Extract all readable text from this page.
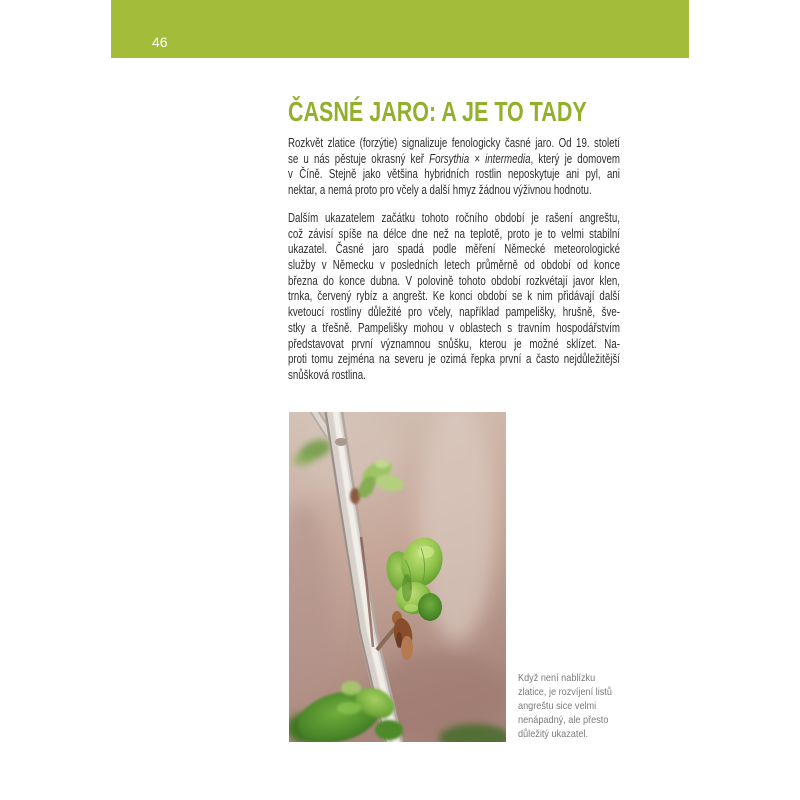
46
ČASNÉ JARO: A JE TO TADY
Rozkvět zlatice (forzýtie) signalizuje fenologicky časné jaro. Od 19. století
se u nás pěstuje okrasný keř Forsythia × intermedia, který je domovem
v Číně. Stejně jako většina hybridních rostlin neposkytuje ani pyl, ani
nektar, a nemá proto pro včely a další hmyz žádnou výživnou hodnotu.
Dalším ukazatelem začátku tohoto ročního období je rašení angreštu,
což závisí spíše na délce dne než na teplotě, proto je to velmi stabilní
ukazatel. Časné jaro spadá podle měření Německé meteorologické
služby v Německu v posledních letech průměrně od období od konce
března do konce dubna. V polovině tohoto období rozkvétají javor klen,
trnka, červený rybíz a angrešt. Ke konci období se k nim přidávají další
kvetoucí rostliny důležité pro včely, například pampelišky, hrušně, šve-
stky a třešně. Pampelišky mohou v oblastech s travním hospodářstvím
představovat první významnou snůšku, kterou je možné sklízet. Na-
proti tomu zejména na severu je ozimá řepka první a často nejdůležitější
snůšková rostlina.
Když není nablízku
zlatice, je rozvíjení listů
angreštu sice velmi
nenápadný, ale přesto
důležitý ukazatel.
